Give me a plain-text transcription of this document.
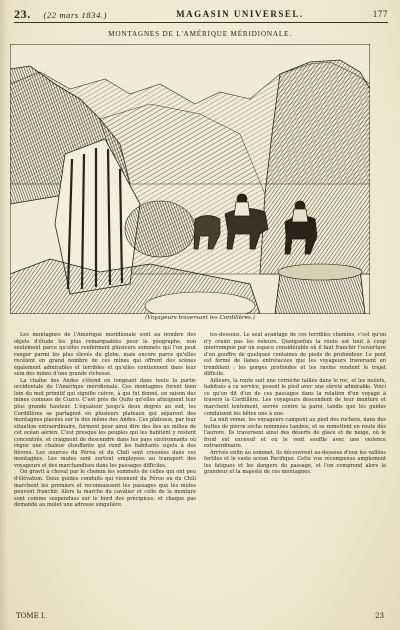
23. (22 mars 1834.)	MAGASIN UNIVERSEL.	177
MONTAGNES DE L'AMÉRIQUE MÉRIDIONALE.
(Voyageurs traversant les Cordillères.)

Les montagnes de l'Amérique méridionale sont au nombre des objets d'étude les plus remarquables pour le géographe, non seulement parce qu'elles renferment plusieurs sommets qui l'on peut ranger parmi les plus élevés du globe, mais encore parce qu'elles recèlent en grand nombre de ces mines qui offrent des scènes également admirables et terribles et qu'elles contiennent dans leur sein des mines d'une grande richesse.

La chaîne des Andes s'étend en longeant dans toute la partie occidentale de l'Amérique méridionale. Ces montagnes furent bien loin du mot primitif qui signifie cuivre, à qui fut donné, en raison des mines connues de Cuzco. C'est près de Quito qu'elles atteignent leur plus grande hauteur. L'équateur jusqu'à deux degrés au sud, les Cordillères se partagent en plusieurs plateaux qui séparent des montagnes placées sur le dos même des Andes. Ces plateaux, par leur situation extraordinaire, forment pour ainsi dire des îles au milieu de cet océan aérien. C'est presque les peuples qui les habitent y restent concentrés, et craignent de descendre dans les pays environnants où règne une chaleur étouffante qui rend les habitants sujets à des fièvres. Les sources du Pérou et du Chili sont creusées dans ces montagnes. Les mules sont surtout employées au transport des voyageurs et des marchandises dans les passages difficiles.

On gravit à cheval par le chemin les sommets de celles qui ont peu d'élévation. Deux guides conduits qui viennent du Pérou ou du Chili marchent les premiers et reconnaissent les passages que les mules peuvent franchir. Alors la marche du cavalier et celle de la monture sont comme suspendues sur le bord des précipices, et chaque pas demande au mulet une adresse singulière.

tes-dessous. Le seul avantage de ces terribles chemins, c'est qu'on n'y craint pas les voleurs. Quelquefois la route est tout à coup interrompue par un espace considérable où il faut franchir l'ouverture d'un gouffre de quelques centaines de pieds de profondeur. Le pont est formé de lianes entrelacées que les voyageurs traversent en tremblant ; les gorges profondes et les ravins rendent le trajet difficile.

Ailleurs, la route suit une corniche taillée dans le roc, et les mulets, habitués à ce service, posent le pied avec une sûreté admirable. Voici ce qu'on dit d'un de ces passages dans la relation d'un voyage à travers la Cordillère. Les voyageurs descendent de leur monture et marchent lentement, serrés contre la paroi, tandis que les guides conduisent les bêtes une à une.

La nuit venue, les voyageurs campent au pied des rochers, dans des huttes de pierre sèche nommées tambos, et se remettent en route dès l'aurore. Ils traversent ainsi des déserts de glace et de neige, où le froid est excessif et où le vent souffle avec une violence extraordinaire.

Arrivés enfin au sommet, ils découvrent au-dessous d'eux les vallées fertiles et le vaste océan Pacifique. Cette vue récompense amplement les fatigues et les dangers du passage, et l'on comprend alors la grandeur et la majesté de ces montagnes.

TOME I.	23
